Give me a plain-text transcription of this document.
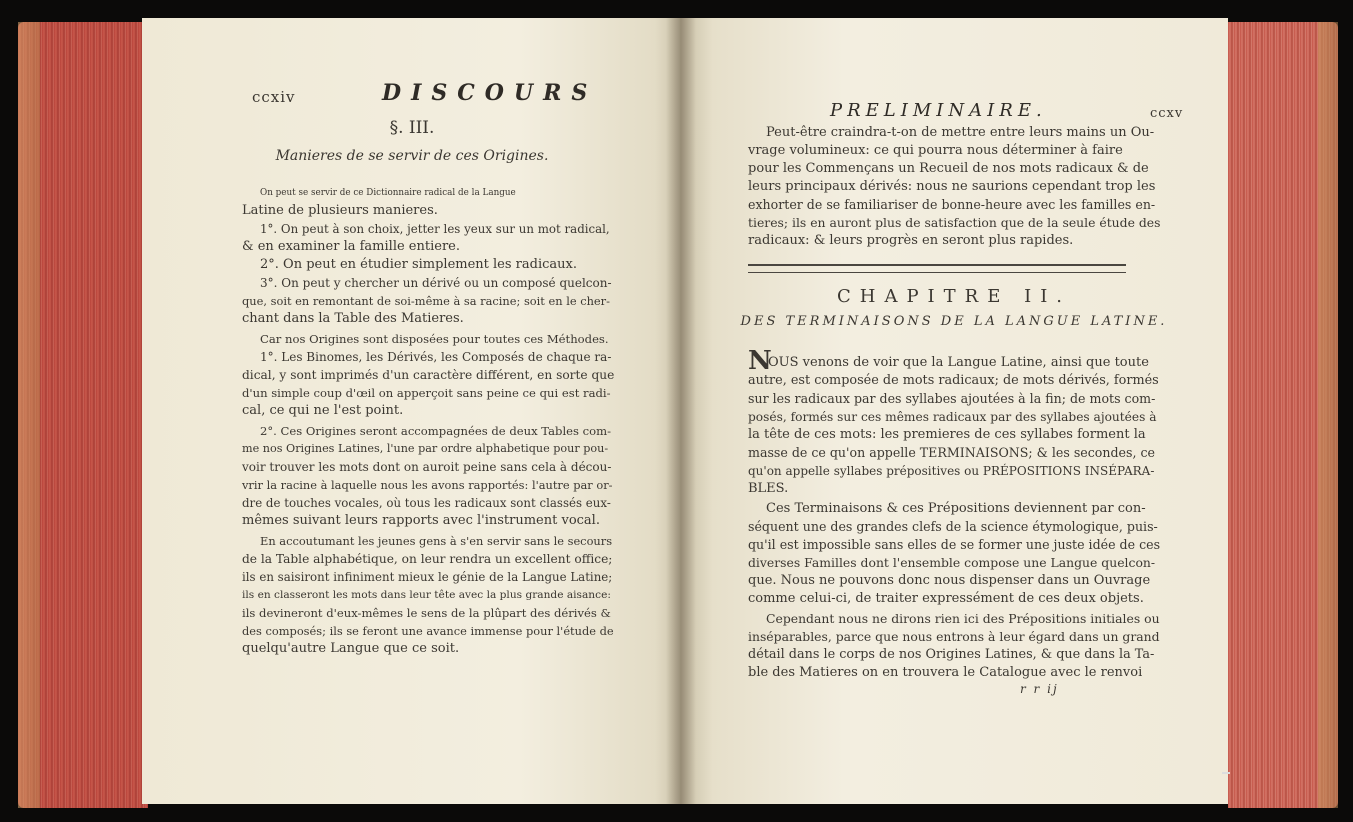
ccxiv	DISCOURS
§. III.
Manieres de se servir de ces Origines.
On peut se servir de ce Dictionnaire radical de la Langue
Latine de plusieurs manieres.
1°. On peut à son choix, jetter les yeux sur un mot radical,
& en examiner la famille entiere.
2°. On peut en étudier simplement les radicaux.
3°. On peut y chercher un dérivé ou un composé quelcon-
que, soit en remontant de soi-même à sa racine; soit en le cher-
chant dans la Table des Matieres.
Car nos Origines sont disposées pour toutes ces Méthodes.
1°. Les Binomes, les Dérivés, les Composés de chaque ra-
dical, y sont imprimés d'un caractère différent, en sorte que
d'un simple coup d'œil on apperçoit sans peine ce qui est radi-
cal, ce qui ne l'est point.
2°. Ces Origines seront accompagnées de deux Tables com-
me nos Origines Latines, l'une par ordre alphabetique pour pou-
voir trouver les mots dont on auroit peine sans cela à décou-
vrir la racine à laquelle nous les avons rapportés: l'autre par or-
dre de touches vocales, où tous les radicaux sont classés eux-
mêmes suivant leurs rapports avec l'instrument vocal.
En accoutumant les jeunes gens à s'en servir sans le secours
de la Table alphabétique, on leur rendra un excellent office;
ils en saisiront infiniment mieux le génie de la Langue Latine;
ils en classeront les mots dans leur tête avec la plus grande aisance:
ils devineront d'eux-mêmes le sens de la plûpart des dérivés &
des composés; ils se feront une avance immense pour l'étude de
quelqu'autre Langue que ce soit.
PRELIMINAIRE.	ccxv
Peut-être craindra-t-on de mettre entre leurs mains un Ou-
vrage volumineux: ce qui pourra nous déterminer à faire
pour les Commençans un Recueil de nos mots radicaux & de
leurs principaux dérivés: nous ne saurions cependant trop les
exhorter de se familiariser de bonne-heure avec les familles en-
tieres; ils en auront plus de satisfaction que de la seule étude des
radicaux: & leurs progrès en seront plus rapides.
CHAPITRE II.
DES TERMINAISONS DE LA LANGUE LATINE.
N
OUS venons de voir que la Langue Latine, ainsi que toute
autre, est composée de mots radicaux; de mots dérivés, formés
sur les radicaux par des syllabes ajoutées à la fin; de mots com-
posés, formés sur ces mêmes radicaux par des syllabes ajoutées à
la tête de ces mots: les premieres de ces syllabes forment la
masse de ce qu'on appelle TERMINAISONS; & les secondes, ce
qu'on appelle syllabes prépositives ou PRÉPOSITIONS INSÉPARA-
BLES.
Ces Terminaisons & ces Prépositions deviennent par con-
séquent une des grandes clefs de la science étymologique, puis-
qu'il est impossible sans elles de se former une juste idée de ces
diverses Familles dont l'ensemble compose une Langue quelcon-
que. Nous ne pouvons donc nous dispenser dans un Ouvrage
comme celui-ci, de traiter expressément de ces deux objets.
Cependant nous ne dirons rien ici des Prépositions initiales ou
inséparables, parce que nous entrons à leur égard dans un grand
détail dans le corps de nos Origines Latines, & que dans la Ta-
ble des Matieres on en trouvera le Catalogue avec le renvoi
r r ij
